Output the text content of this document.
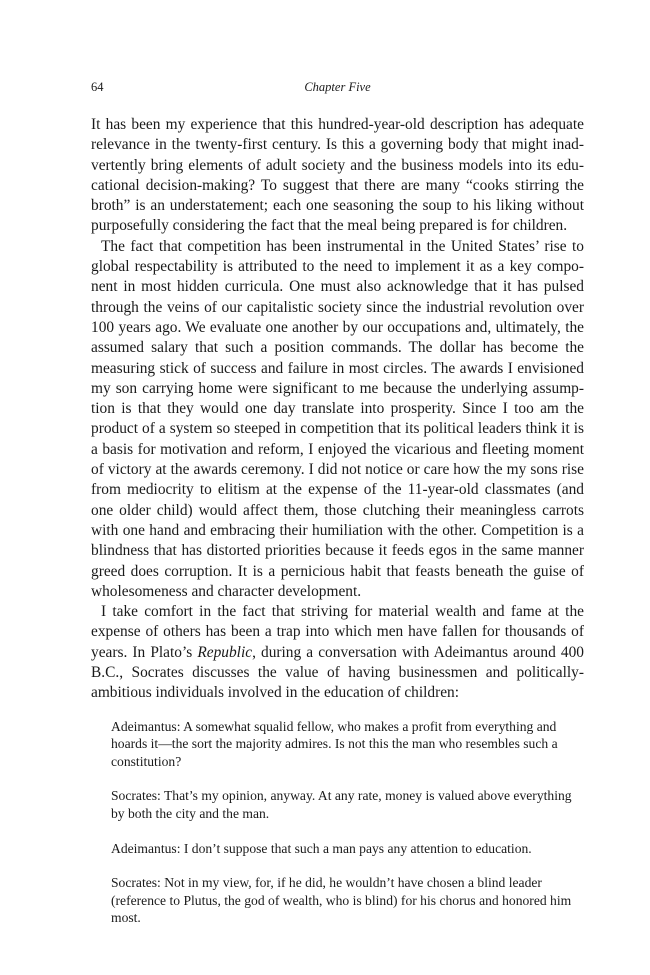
64	Chapter Five

It has been my experience that this hundred-year-old description has adequate relevance in the twenty-first century. Is this a governing body that might inadvertently bring elements of adult society and the business models into its educational decision-making? To suggest that there are many “cooks stirring the broth” is an understatement; each one seasoning the soup to his liking without purposefully considering the fact that the meal being prepared is for children.

The fact that competition has been instrumental in the United States’ rise to global respectability is attributed to the need to implement it as a key component in most hidden curricula. One must also acknowledge that it has pulsed through the veins of our capitalistic society since the industrial revolution over 100 years ago. We evaluate one another by our occupations and, ultimately, the assumed salary that such a position commands. The dollar has become the measuring stick of success and failure in most circles. The awards I envisioned my son carrying home were significant to me because the underlying assumption is that they would one day translate into prosperity. Since I too am the product of a system so steeped in competition that its political leaders think it is a basis for motivation and reform, I enjoyed the vicarious and fleeting moment of victory at the awards ceremony. I did not notice or care how the my sons rise from mediocrity to elitism at the expense of the 11-year-old classmates (and one older child) would affect them, those clutching their meaningless carrots with one hand and embracing their humiliation with the other. Competition is a blindness that has distorted priorities because it feeds egos in the same manner greed does corruption. It is a pernicious habit that feasts beneath the guise of wholesomeness and character development.

I take comfort in the fact that striving for material wealth and fame at the expense of others has been a trap into which men have fallen for thousands of years. In Plato’s Republic, during a conversation with Adeimantus around 400 B.C., Socrates discusses the value of having businessmen and politically-ambitious individuals involved in the education of children:

Adeimantus: A somewhat squalid fellow, who makes a profit from everything and hoards it—the sort the majority admires. Is not this the man who resembles such a constitution?

Socrates: That’s my opinion, anyway. At any rate, money is valued above everything by both the city and the man.

Adeimantus: I don’t suppose that such a man pays any attention to education.

Socrates: Not in my view, for, if he did, he wouldn’t have chosen a blind leader (reference to Plutus, the god of wealth, who is blind) for his chorus and honored him most.
